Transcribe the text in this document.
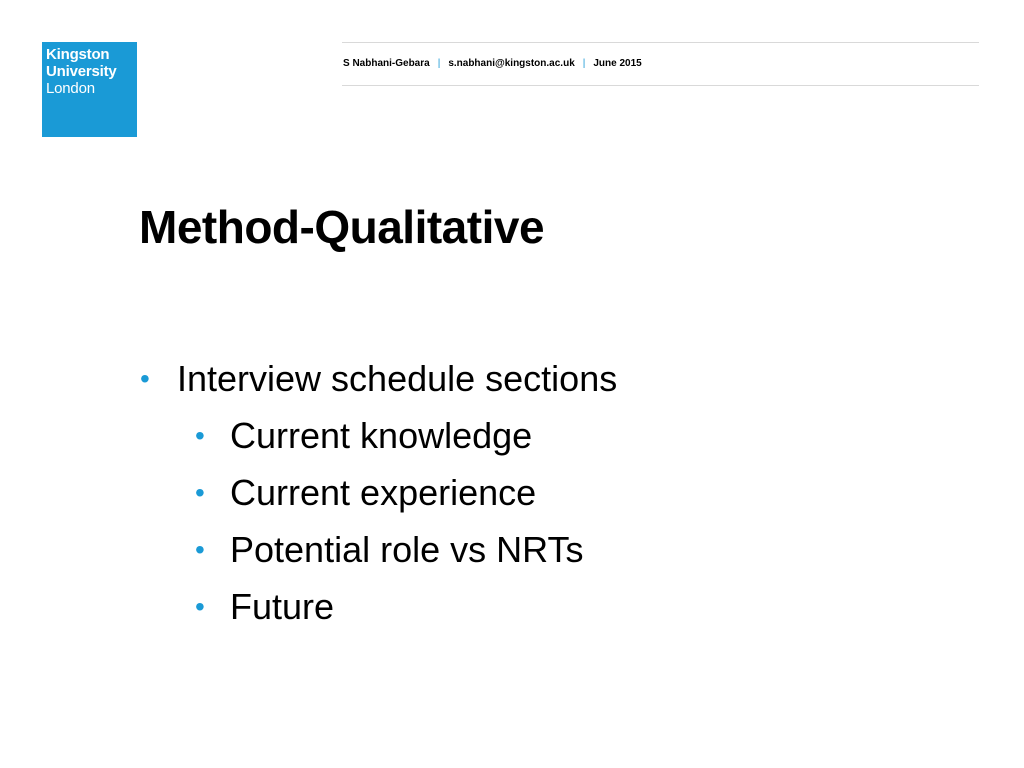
Kingston
University
London
S Nabhani-Gebara | s.nabhani@kingston.ac.uk | June 2015
Method-Qualitative
• Interview schedule sections
• Current knowledge
• Current experience
• Potential role vs NRTs
• Future
